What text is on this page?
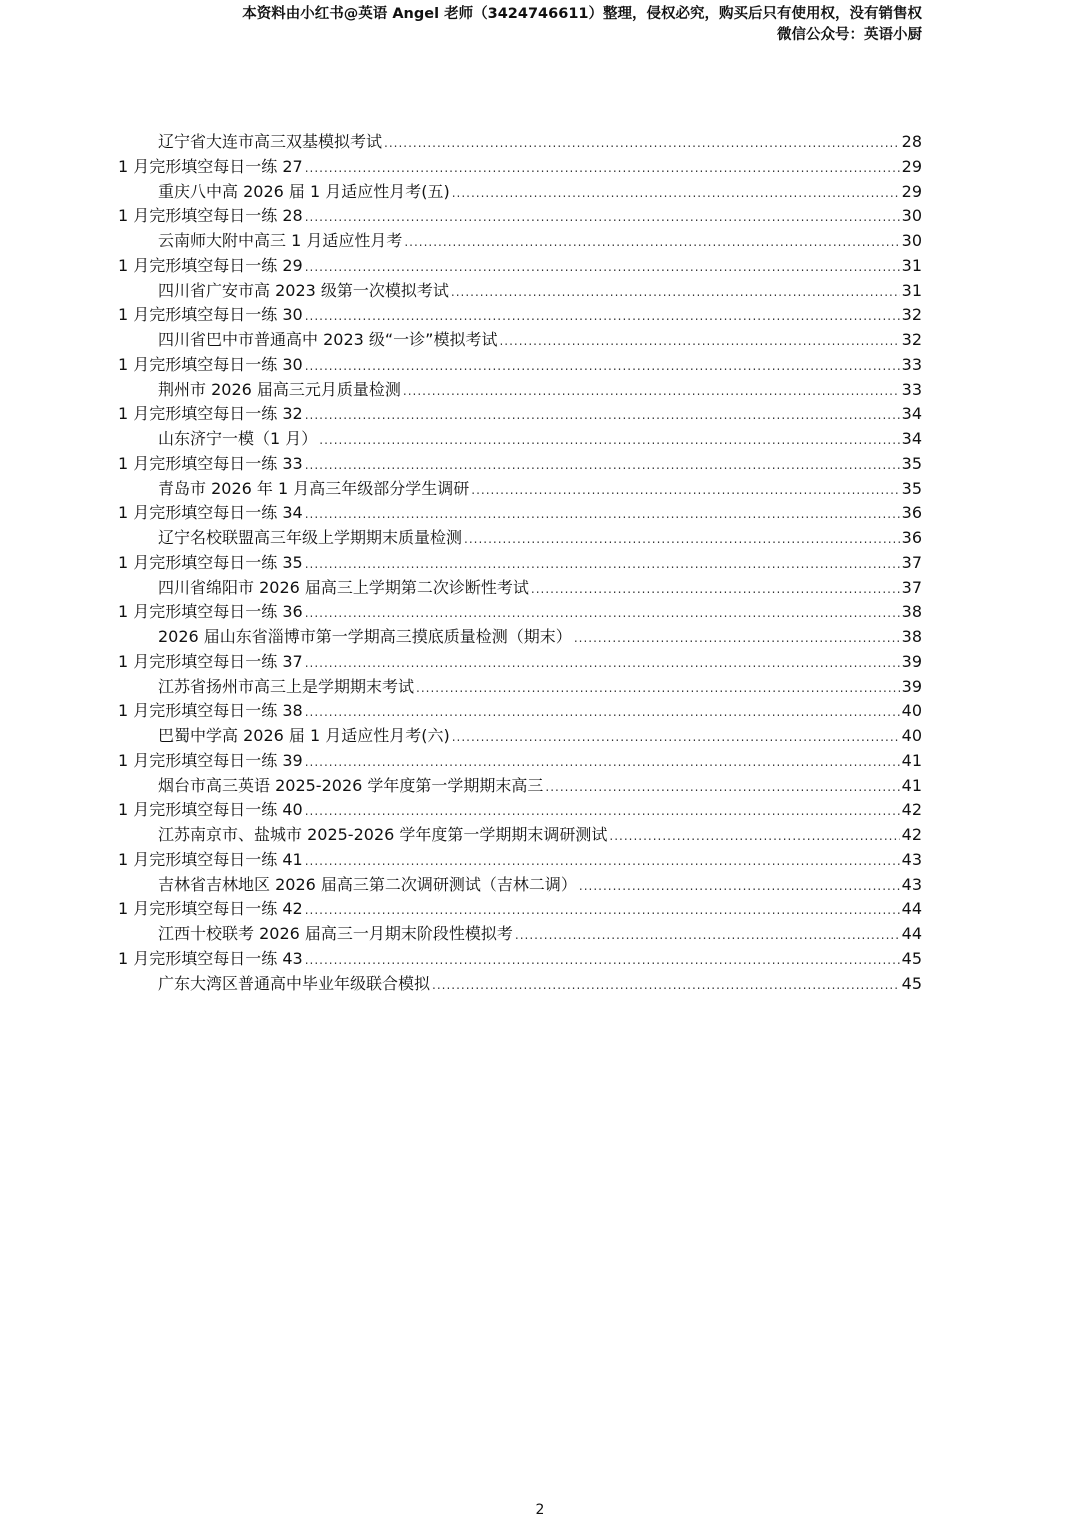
本资料由小红书@英语 Angel 老师（3424746611）整理，侵权必究，购买后只有使用权，没有销售权
微信公众号：英语小厨
辽宁省大连市高三双基模拟考试 .....	28
1 月完形填空每日一练 27 .....	29
重庆八中高 2026 届 1 月适应性月考(五) .....	29
1 月完形填空每日一练 28 .....	30
云南师大附中高三 1 月适应性月考 .....	30
1 月完形填空每日一练 29 .....	31
四川省广安市高 2023 级第一次模拟考试 .....	31
1 月完形填空每日一练 30 .....	32
四川省巴中市普通高中 2023 级“一诊”模拟考试 .....	32
1 月完形填空每日一练 30 .....	33
荆州市 2026 届高三元月质量检测 .....	33
1 月完形填空每日一练 32 .....	34
山东济宁一模（1 月） .....	34
1 月完形填空每日一练 33 .....	35
青岛市 2026 年 1 月高三年级部分学生调研 .....	35
1 月完形填空每日一练 34 .....	36
辽宁名校联盟高三年级上学期期末质量检测 .....	36
1 月完形填空每日一练 35 .....	37
四川省绵阳市 2026 届高三上学期第二次诊断性考试 .....	37
1 月完形填空每日一练 36 .....	38
2026 届山东省淄博市第一学期高三摸底质量检测（期末） .....	38
1 月完形填空每日一练 37 .....	39
江苏省扬州市高三上是学期期末考试 .....	39
1 月完形填空每日一练 38 .....	40
巴蜀中学高 2026 届 1 月适应性月考(六) .....	40
1 月完形填空每日一练 39 .....	41
烟台市高三英语 2025-2026 学年度第一学期期末高三 .....	41
1 月完形填空每日一练 40 .....	42
江苏南京市、盐城市 2025-2026 学年度第一学期期末调研测试 .....	42
1 月完形填空每日一练 41 .....	43
吉林省吉林地区 2026 届高三第二次调研测试（吉林二调） .....	43
1 月完形填空每日一练 42 .....	44
江西十校联考 2026 届高三一月期末阶段性模拟考 .....	44
1 月完形填空每日一练 43 .....	45
广东大湾区普通高中毕业年级联合模拟 .....	45
2
